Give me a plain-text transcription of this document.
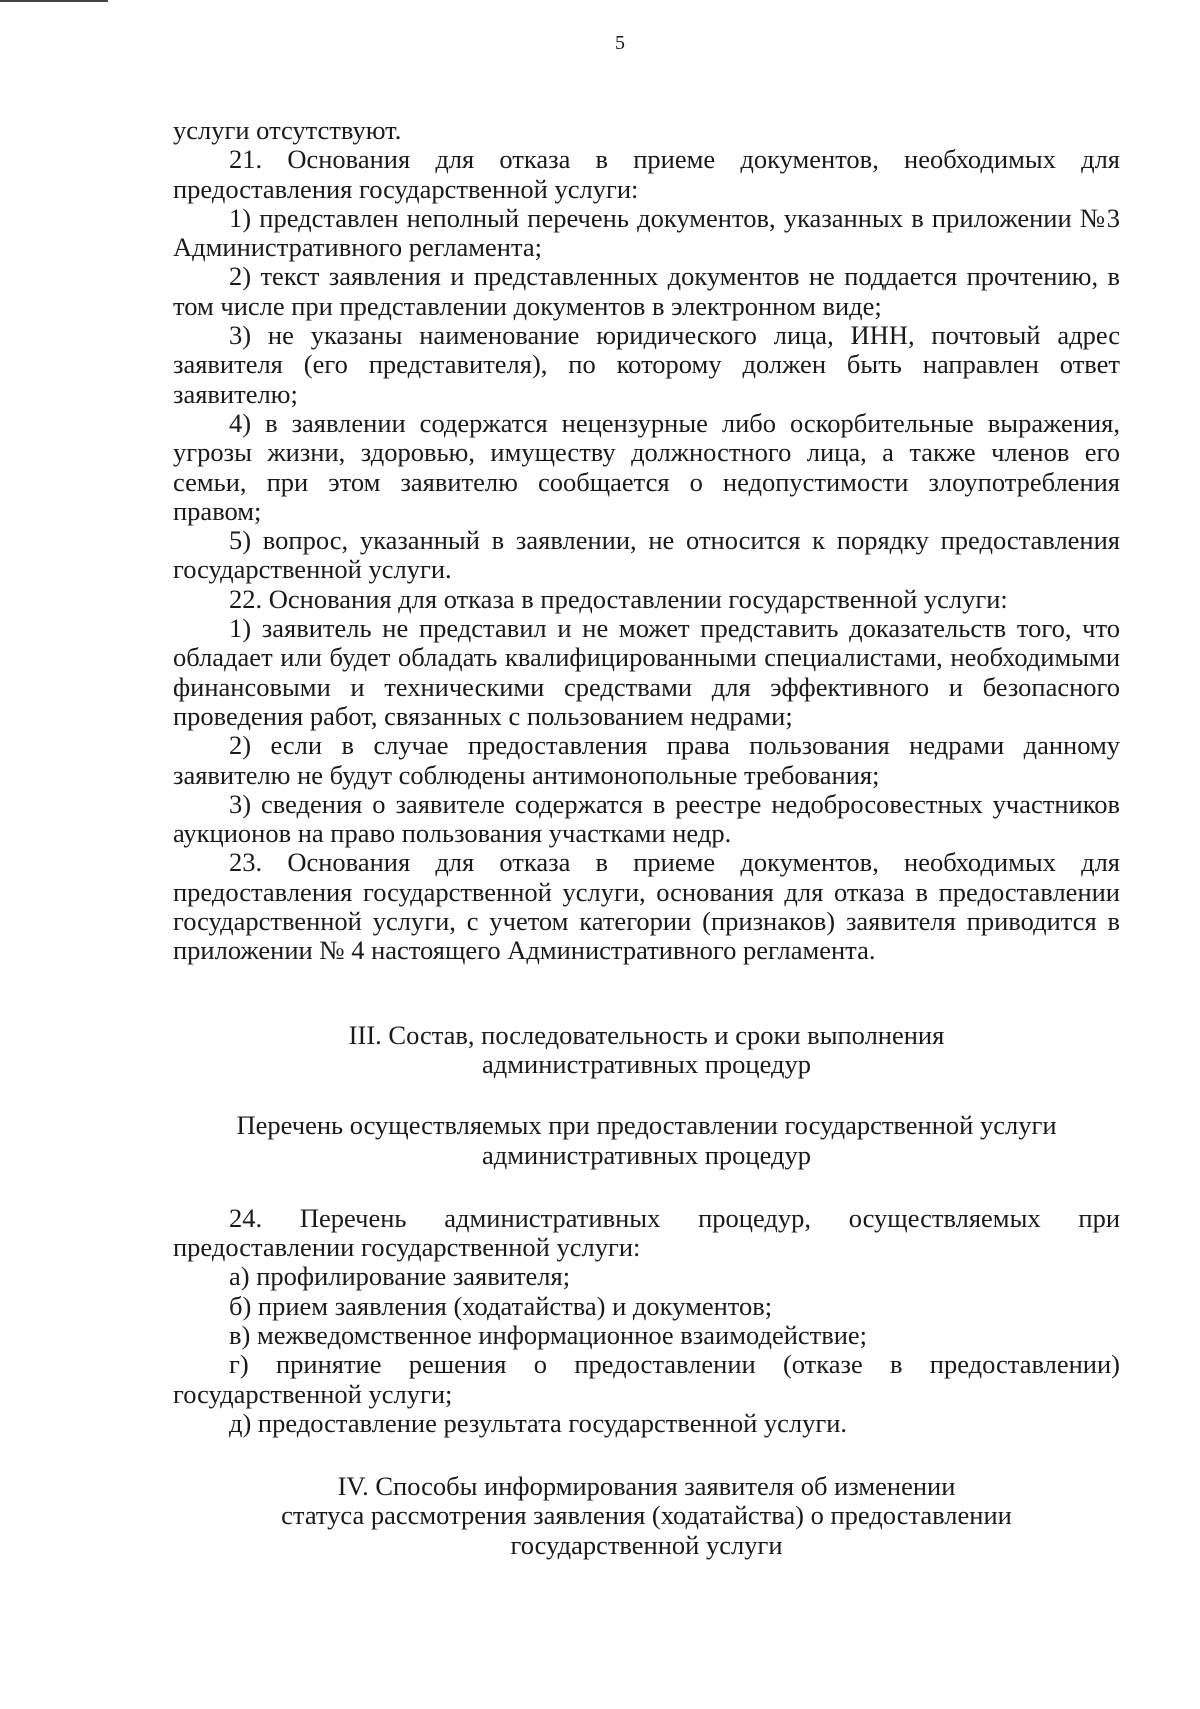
5

услуги отсутствуют.

21. Основания для отказа в приеме документов, необходимых для предоставления государственной услуги:

1) представлен неполный перечень документов, указанных в приложении №3 Административного регламента;

2) текст заявления и представленных документов не поддается прочтению, в том числе при представлении документов в электронном виде;

3) не указаны наименование юридического лица, ИНН, почтовый адрес заявителя (его представителя), по которому должен быть направлен ответ заявителю;

4) в заявлении содержатся нецензурные либо оскорбительные выражения, угрозы жизни, здоровью, имуществу должностного лица, а также членов его семьи, при этом заявителю сообщается о недопустимости злоупотребления правом;

5) вопрос, указанный в заявлении, не относится к порядку предоставления государственной услуги.

22. Основания для отказа в предоставлении государственной услуги:

1) заявитель не представил и не может представить доказательств того, что обладает или будет обладать квалифицированными специалистами, необходимыми финансовыми и техническими средствами для эффективного и безопасного проведения работ, связанных с пользованием недрами;

2) если в случае предоставления права пользования недрами данному заявителю не будут соблюдены антимонопольные требования;

3) сведения о заявителе содержатся в реестре недобросовестных участников аукционов на право пользования участками недр.

23. Основания для отказа в приеме документов, необходимых для предоставления государственной услуги, основания для отказа в предоставлении государственной услуги, с учетом категории (признаков) заявителя приводится в приложении № 4 настоящего Административного регламента.

III. Состав, последовательность и сроки выполнения
административных процедур

Перечень осуществляемых при предоставлении государственной услуги
административных процедур

24. Перечень административных процедур, осуществляемых при предоставлении государственной услуги:

а) профилирование заявителя;

б) прием заявления (ходатайства) и документов;

в) межведомственное информационное взаимодействие;

г) принятие решения о предоставлении (отказе в предоставлении) государственной услуги;

д) предоставление результата государственной услуги.

IV. Способы информирования заявителя об изменении
статуса рассмотрения заявления (ходатайства) о предоставлении
государственной услуги
